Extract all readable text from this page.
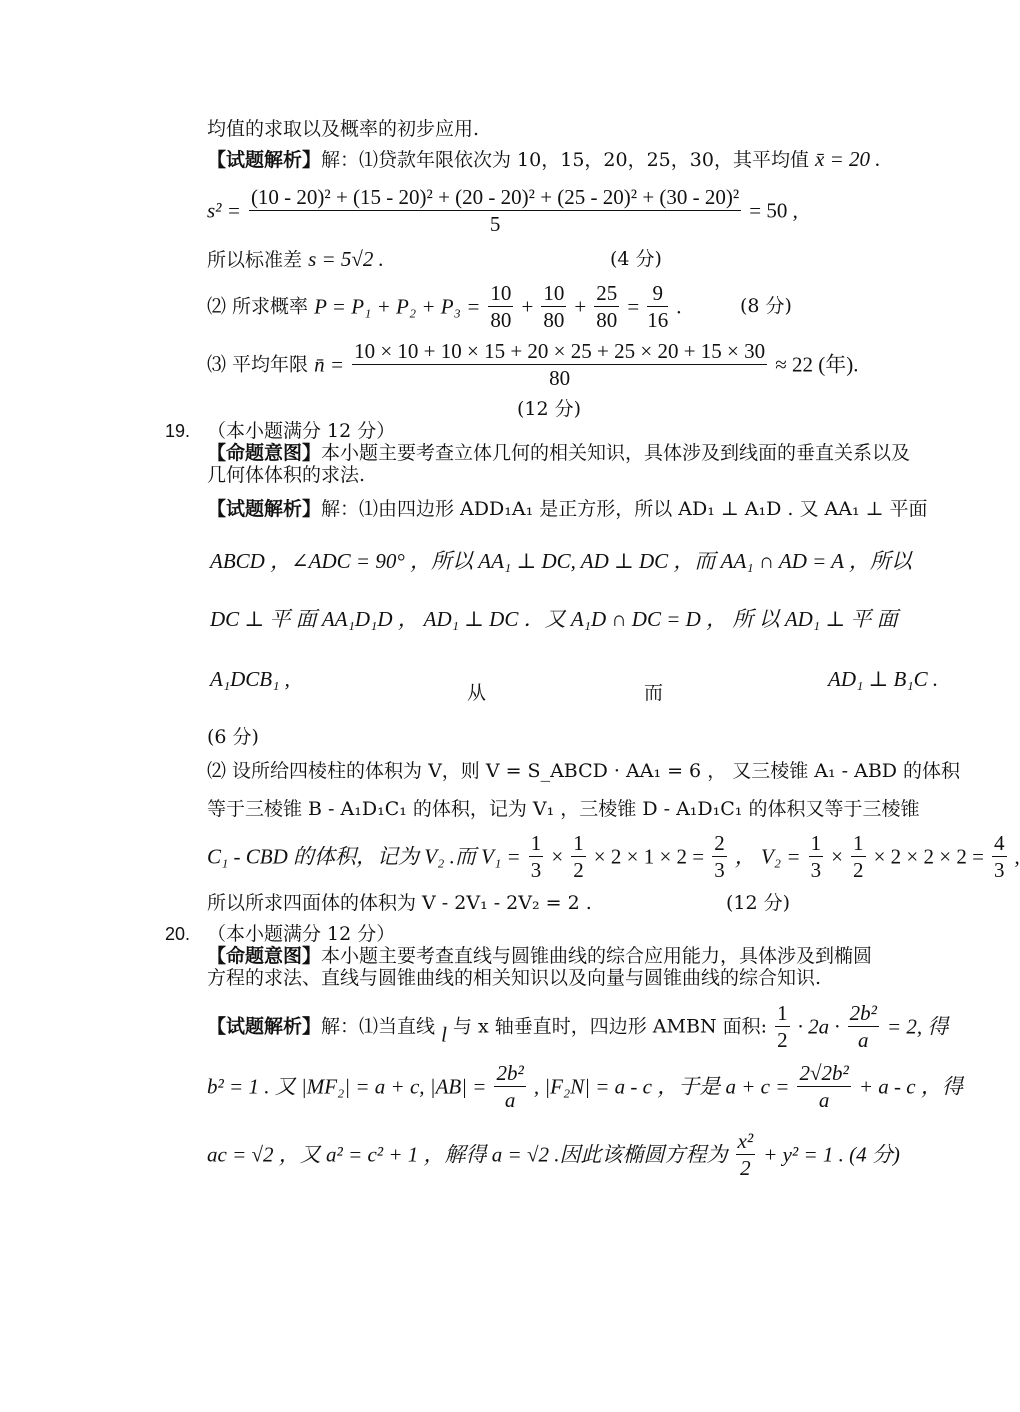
均值的求取以及概率的初步应用.
【试题解析】解：⑴贷款年限依次为 10，15，20，25，30，其平均值 x̄ = 20 .
s² =
(10 - 20)² + (15 - 20)² + (20 - 20)² + (25 - 20)² + (30 - 20)²
5
= 50 ,
所以标准差 s = 5√2 .	(4 分)
⑵ 所求概率 $P = P_1 + P_2 + P_3 = \frac{10}{80} + \frac{10}{80} + \frac{25}{80} = \frac{9}{16}$ .	(8 分)
⑶ 平均年限 n̄ = $\frac{10 \times 10 + 10 \times 15 + 20 \times 25 + 25 \times 20 + 15 \times 30}{80} \approx 22$ (年).
(12 分)
19. （本小题满分 12 分）
【命题意图】本小题主要考查立体几何的相关知识，具体涉及到线面的垂直关系以及
几何体体积的求法.
【试题解析】解：⑴由四边形 ADD₁A₁ 是正方形，所以 AD₁ ⊥ A₁D . 又 AA₁ ⊥ 平面
ABCD ，∠ADC = 90° ，所以 AA₁ ⊥ DC, AD ⊥ DC ，而 AA₁ ∩ AD = A ，所以
DC ⊥ 平 面 AA₁D₁D ， AD₁ ⊥ DC ．又 A₁D ∩ DC = D ， 所 以 AD₁ ⊥ 平 面
A₁DCB₁ ,
从	而
AD₁ ⊥ B₁C .
(6 分)
⑵ 设所给四棱柱的体积为 V，则 V = S_ABCD · AA₁ = 6 ， 又三棱锥 A₁ - ABD 的体积
等于三棱锥 B - A₁D₁C₁ 的体积，记为 V₁ ，三棱锥 D - A₁D₁C₁ 的体积又等于三棱锥
C₁ - CBD 的体积，记为 V₂ .而 $V_1 = \frac{1}{3} \times \frac{1}{2} \times 2 \times 1 \times 2 = \frac{2}{3}$ ， $V_2 = \frac{1}{3} \times \frac{1}{2} \times 2 \times 2 \times 2 = \frac{4}{3}$ ,
所以所求四面体的体积为 V - 2V₁ - 2V₂ = 2 .	(12 分)
20. （本小题满分 12 分）
【命题意图】本小题主要考查直线与圆锥曲线的综合应用能力，具体涉及到椭圆
方程的求法、直线与圆锥曲线的相关知识以及向量与圆锥曲线的综合知识.
【试题解析】解：⑴当直线 l 与 x 轴垂直时，四边形 AMBN 面积: $\frac{1}{2} \cdot 2a \cdot \frac{\text{2b²}}{a} = 2$, 得
b² = 1 . 又 |MF₂| = a + c, $|AB| = \frac{\text{2b²}}{a}$ , |F₂N| = a - c ，于是 $a + c = \frac{\text{2√2b²}}{a} + a - c$ ，得
ac = √2 ，又 a² = c² + 1 ，解得 a = √2 .因此该椭圆方程为 $\frac{\text{x²}}{2} + y^2 = 1$ . (4 分)
